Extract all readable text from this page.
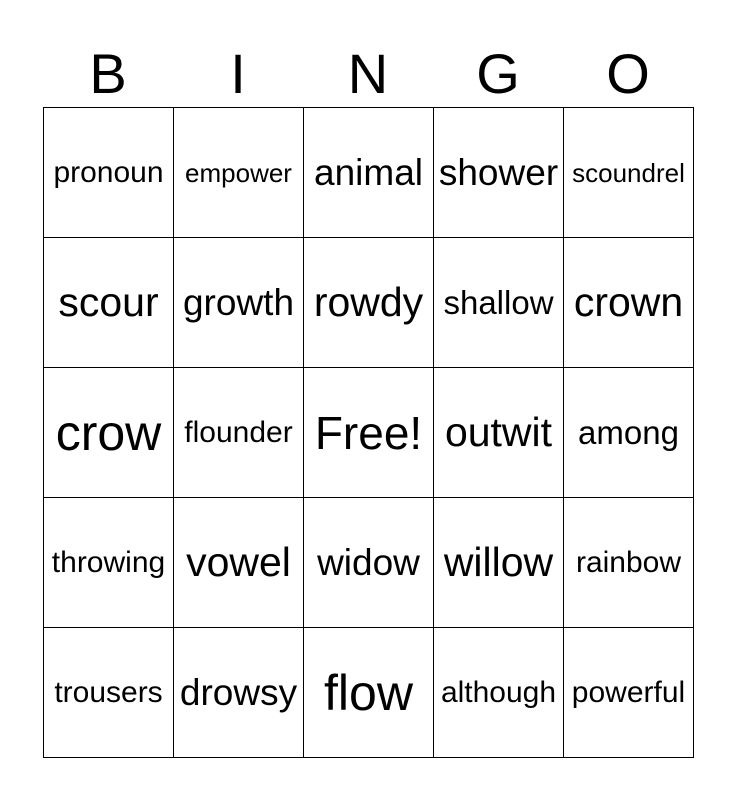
B	I	N	G	O
pronoun	empower	animal	shower	scoundrel
scour	growth	rowdy	shallow	crown
crow	flounder	Free!	outwit	among
throwing	vowel	widow	willow	rainbow
trousers	drowsy	flow	although	powerful
